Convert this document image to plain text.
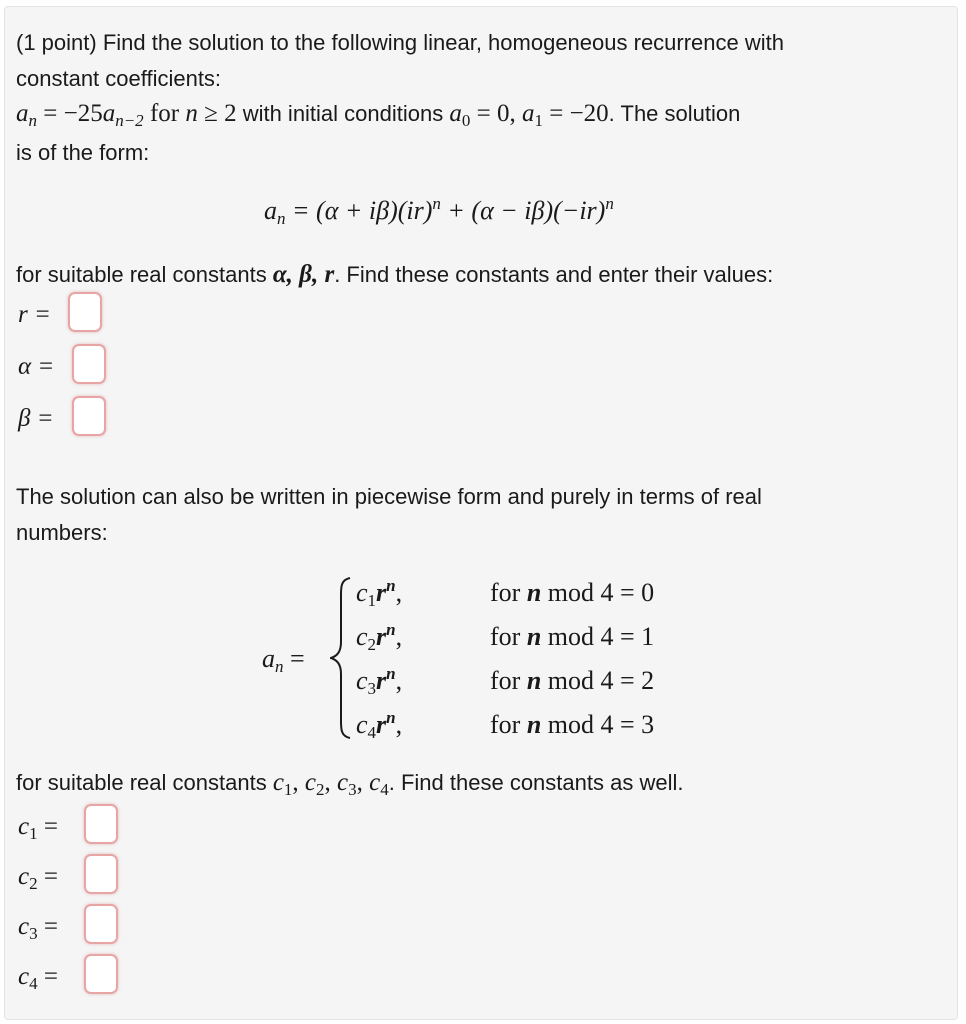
(1 point) Find the solution to the following linear, homogeneous recurrence with
constant coefficients:
$a_n = -25a_{n-2}$ for n ≥ 2 with initial conditions $a_0 = 0$, $a_1 = -20$. The solution
is of the form:
$a_n = (\alpha + i\beta)(ir)^n + (\alpha - i\beta)(-ir)^n$
for suitable real constants α, β, r. Find these constants and enter their values:
r =
α =
β =
The solution can also be written in piecewise form and purely in terms of real
numbers:
$a_n$ =
$c_1r^n$,	for n mod 4 = 0
$c_2r^n$,	for n mod 4 = 1
$c_3r^n$,	for n mod 4 = 2
$c_4r^n$,	for n mod 4 = 3
for suitable real constants $c_1$, $c_2$, $c_3$, $c_4$. Find these constants as well.
$c_1$ =
$c_2$ =
$c_3$ =
$c_4$ =
